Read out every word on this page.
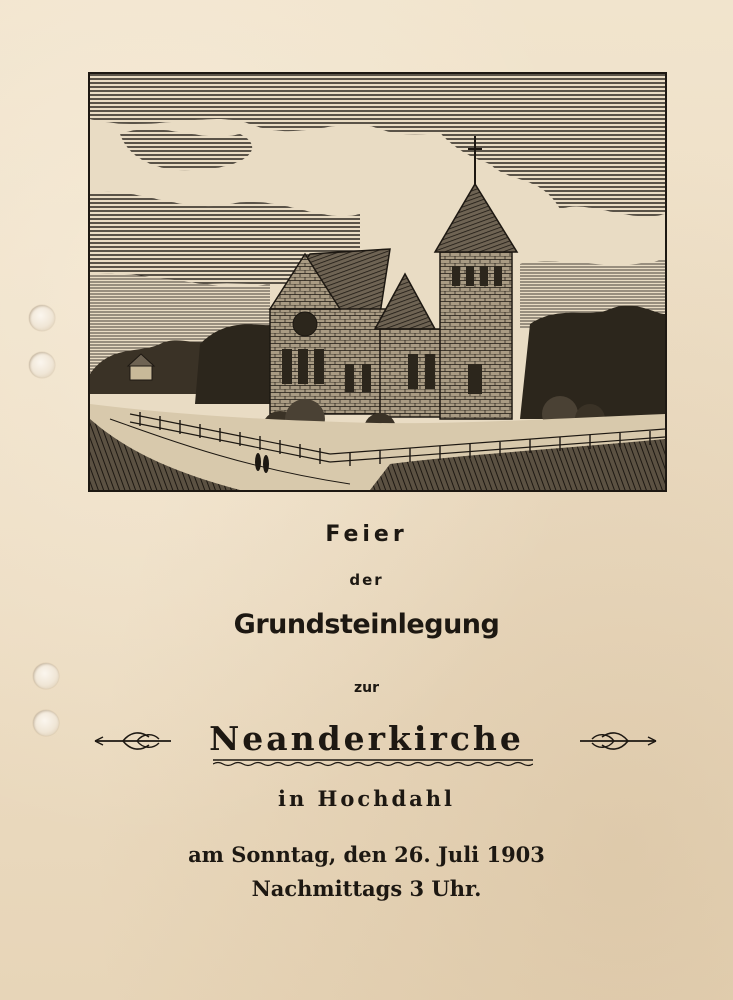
Feier
der
Grundsteinlegung
zur
Neanderkirche
in Hochdahl
am Sonntag, den 26. Juli 1903
Nachmittags 3 Uhr.
